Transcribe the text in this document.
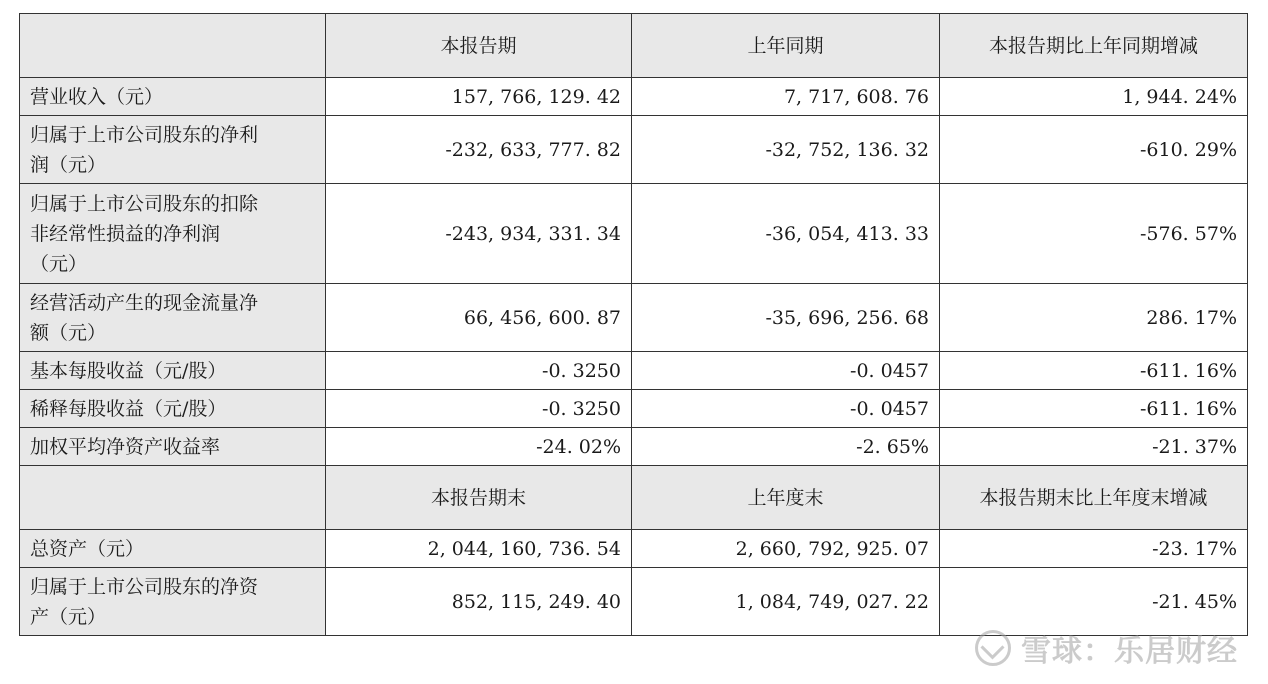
	本报告期	上年同期	本报告期比上年同期增减

营业收入（元）	157, 766, 129. 42	7, 717, 608. 76	1, 944. 24%

归属于上市公司股东的净利
润（元）	-232, 633, 777. 82	-32, 752, 136. 32	-610. 29%

归属于上市公司股东的扣除
非经常性损益的净利润
（元）	-243, 934, 331. 34	-36, 054, 413. 33	-576. 57%

经营活动产生的现金流量净
额（元）	66, 456, 600. 87	-35, 696, 256. 68	286. 17%

基本每股收益（元/股）	-0. 3250	-0. 0457	-611. 16%

稀释每股收益（元/股）	-0. 3250	-0. 0457	-611. 16%

加权平均净资产收益率	-24. 02%	-2. 65%	-21. 37%
	本报告期末	上年度末	本报告期末比上年度末增减

总资产（元）	2, 044, 160, 736. 54	2, 660, 792, 925. 07	-23. 17%

归属于上市公司股东的净资
产（元）	852, 115, 249. 40	1, 084, 749, 027. 22	-21. 45%
雪球：乐居财经
